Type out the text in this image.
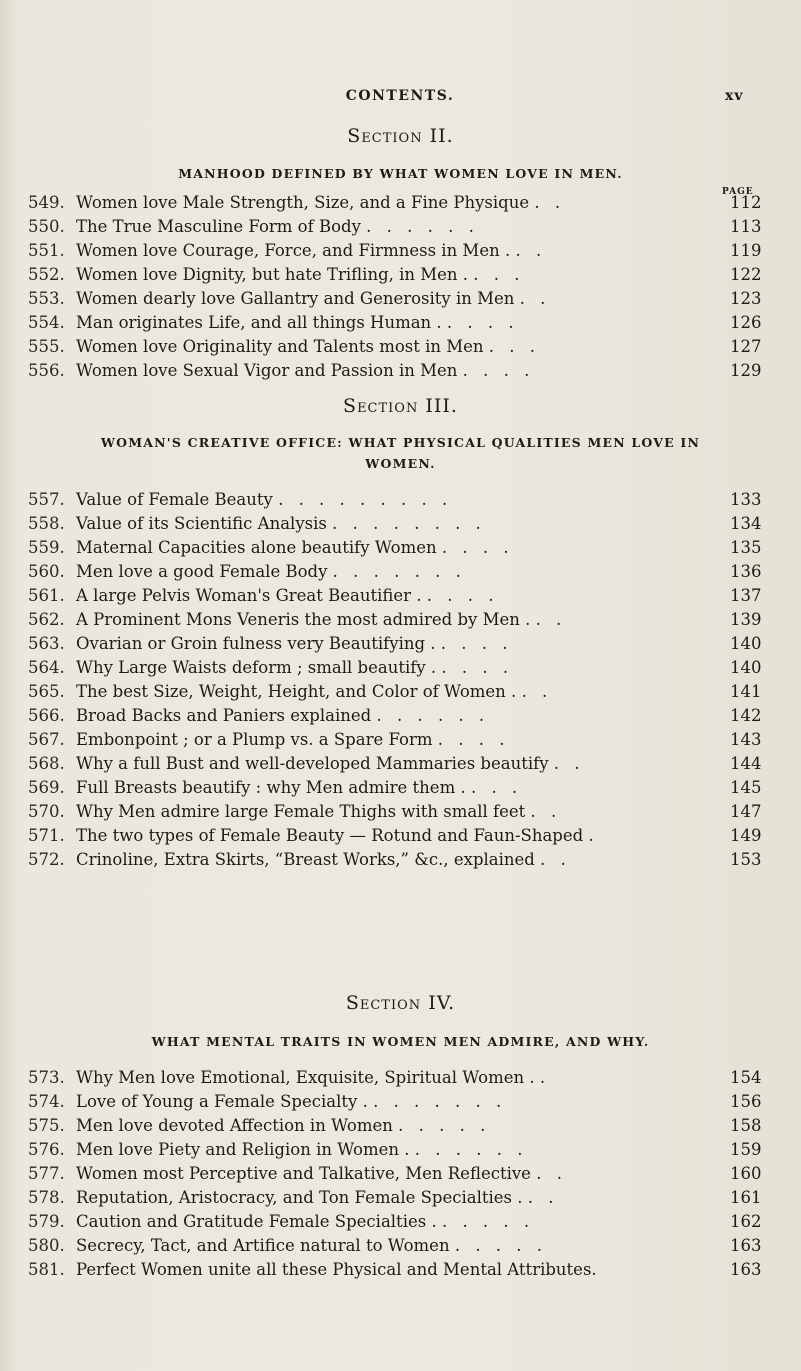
CONTENTS.	xv
Section II.
MANHOOD DEFINED BY WHAT WOMEN LOVE IN MEN.
PAGE
549. Women love Male Strength, Size, and a Fine Physique . .	112
550. The True Masculine Form of Body . . . . . .	113
551. Women love Courage, Force, and Firmness in Men . . .	119
552. Women love Dignity, but hate Trifling, in Men . . . .	122
553. Women dearly love Gallantry and Generosity in Men . .	123
554. Man originates Life, and all things Human . . . . .	126
555. Women love Originality and Talents most in Men . . .	127
556. Women love Sexual Vigor and Passion in Men . . . .	129
Section III.
WOMAN'S CREATIVE OFFICE: WHAT PHYSICAL QUALITIES MEN LOVE IN
WOMEN.
557. Value of Female Beauty . . . . . . . . .	133
558. Value of its Scientific Analysis . . . . . . . .	134
559. Maternal Capacities alone beautify Women . . . .	135
560. Men love a good Female Body . . . . . . .	136
561. A large Pelvis Woman's Great Beautifier . . . . .	137
562. A Prominent Mons Veneris the most admired by Men . . .	139
563. Ovarian or Groin fulness very Beautifying . . . . .	140
564. Why Large Waists deform ; small beautify . . . . .	140
565. The best Size, Weight, Height, and Color of Women . . .	141
566. Broad Backs and Paniers explained . . . . . .	142
567. Embonpoint ; or a Plump vs. a Spare Form . . . .	143
568. Why a full Bust and well-developed Mammaries beautify . .	144
569. Full Breasts beautify : why Men admire them . . . .	145
570. Why Men admire large Female Thighs with small feet . .	147
571. The two types of Female Beauty — Rotund and Faun-Shaped .	149
572. Crinoline, Extra Skirts, “Breast Works,” &c., explained . .	153
Section IV.
WHAT MENTAL TRAITS IN WOMEN MEN ADMIRE, AND WHY.
573. Why Men love Emotional, Exquisite, Spiritual Women . .	154
574. Love of Young a Female Specialty . . . . . . . .	156
575. Men love devoted Affection in Women . . . . .	158
576. Men love Piety and Religion in Women . . . . . . .	159
577. Women most Perceptive and Talkative, Men Reflective . .	160
578. Reputation, Aristocracy, and Ton Female Specialties . . .	161
579. Caution and Gratitude Female Specialties . . . . . .	162
580. Secrecy, Tact, and Artifice natural to Women . . . . .	163
581. Perfect Women unite all these Physical and Mental Attributes.	163
